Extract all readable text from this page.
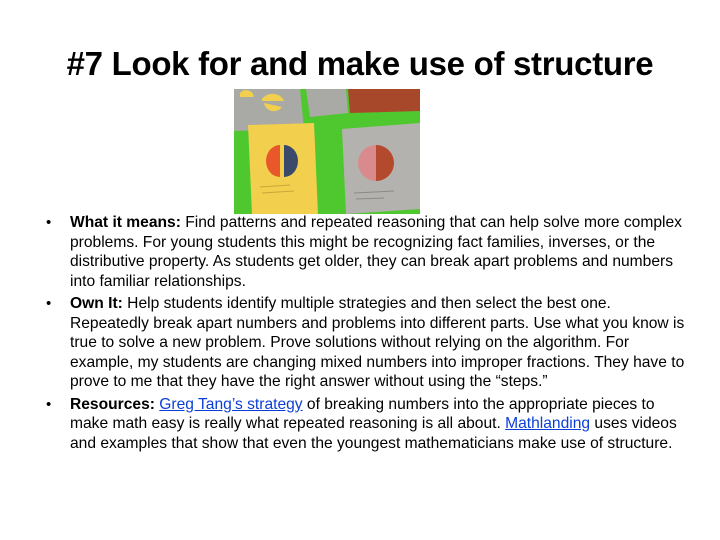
#7 Look for and make use of structure
• What it means: Find patterns and repeated reasoning that can help solve more complex problems. For young students this might be recognizing fact families, inverses, or the distributive property. As students get older, they can break apart problems and numbers into familiar relationships.
• Own It: Help students identify multiple strategies and then select the best one. Repeatedly break apart numbers and problems into different parts. Use what you know is true to solve a new problem. Prove solutions without relying on the algorithm. For example, my students are changing mixed numbers into improper fractions. They have to prove to me that they have the right answer without using the “steps.”
• Resources: Greg Tang’s strategy of breaking numbers into the appropriate pieces to make math easy is really what repeated reasoning is all about. Mathlanding uses videos and examples that show that even the youngest mathematicians make use of structure.
